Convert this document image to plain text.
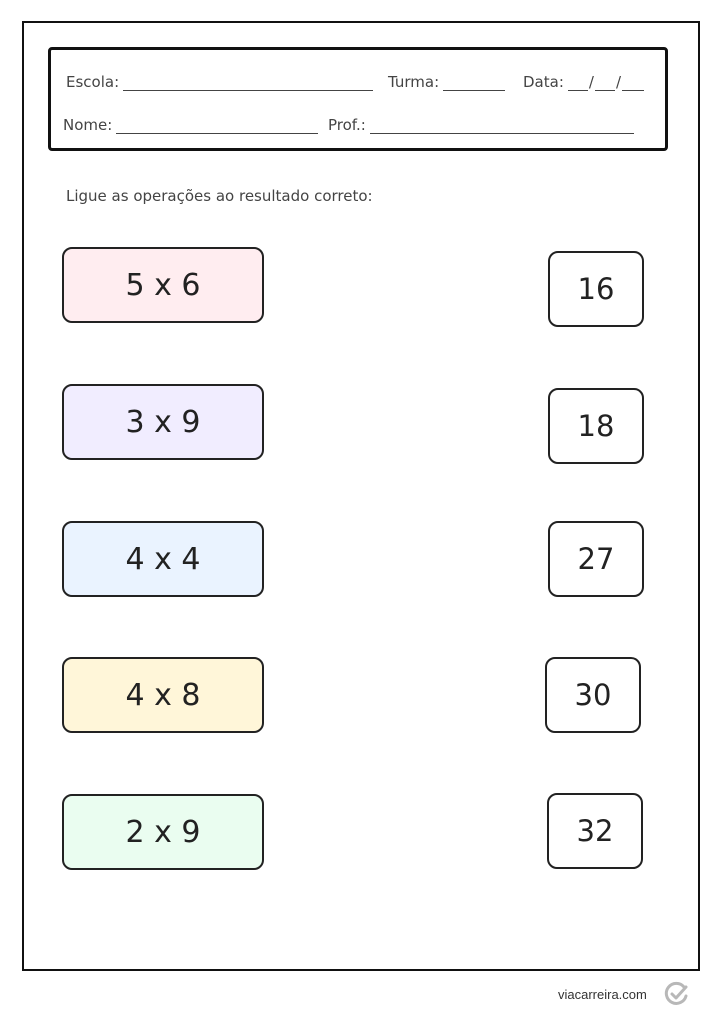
Escola:	Turma:	Data: / /
Nome:	Prof.:
Ligue as operações ao resultado correto:
5 x 6
3 x 9
4 x 4
4 x 8
2 x 9
16
18
27
30
32
viacarreira.com
